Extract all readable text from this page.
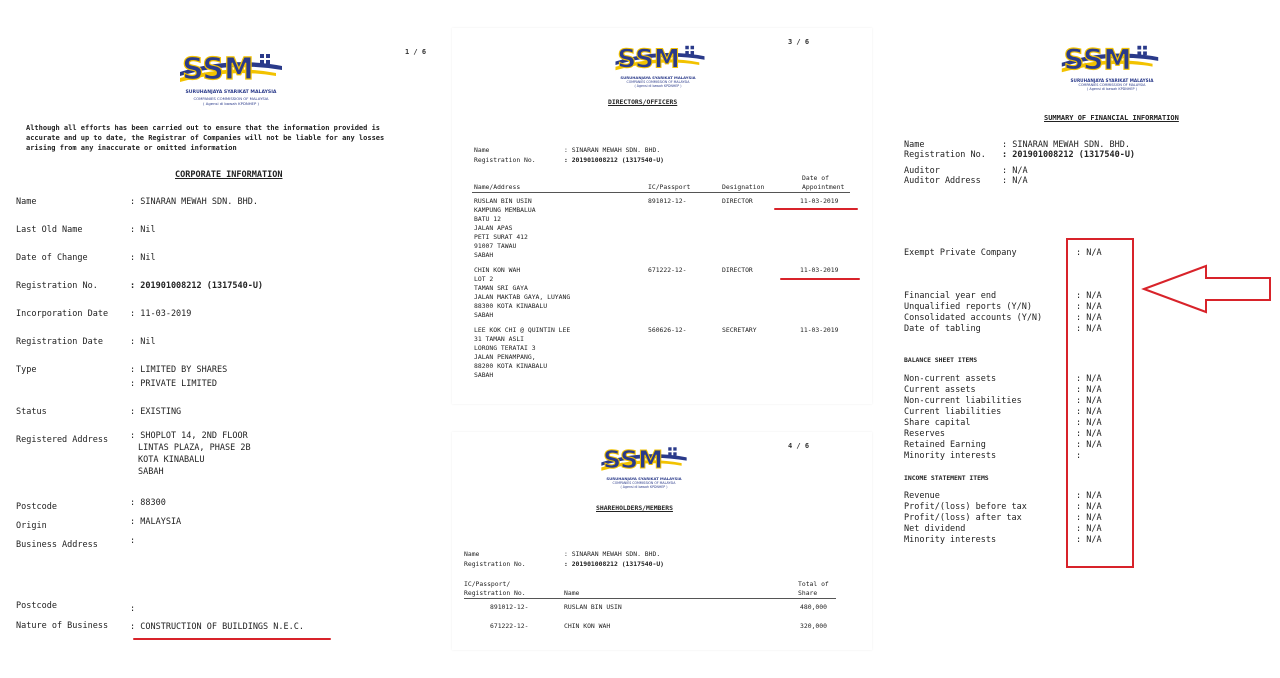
1 / 6
SURUHANJAYA SYARIKAT MALAYSIA
COMPANIES COMMISSION OF MALAYSIA
( Agensi di bawah KPDNHEP )
Although all efforts has been carried out to ensure that the information provided is
accurate and up to date, the Registrar of Companies will not be liable for any losses
arising from any inaccurate or omitted information
CORPORATE INFORMATION
Name	: SINARAN MEWAH SDN. BHD.
Last Old Name	: Nil
Date of Change	: Nil
Registration No.	: 201901008212 (1317540-U)
Incorporation Date	: 11-03-2019
Registration Date	: Nil
Type	: LIMITED BY SHARES
: PRIVATE LIMITED
Status	: EXISTING
Registered Address	: SHOPLOT 14, 2ND FLOOR
LINTAS PLAZA, PHASE 2B
KOTA KINABALU
SABAH
Postcode	: 88300
Origin	: MALAYSIA
Business Address	:
Postcode	:
Nature of Business	: CONSTRUCTION OF BUILDINGS N.E.C.
3 / 6
SURUHANJAYA SYARIKAT MALAYSIA
COMPANIES COMMISSION OF MALAYSIA
( Agensi di bawah KPDNHEP )
DIRECTORS/OFFICERS
Name	: SINARAN MEWAH SDN. BHD.
Registration No.	: 201901008212 (1317540-U)
Name/Address	IC/Passport	Designation
Date of
Appointment
RUSLAN BIN USIN
KAMPUNG MEMBALUA
BATU 12
JALAN APAS
PETI SURAT 412
91007 TAWAU
SABAH
891012-12-	DIRECTOR	11-03-2019
CHIN KON WAH
LOT 2
TAMAN SRI GAYA
JALAN MAKTAB GAYA, LUYANG
88300 KOTA KINABALU
SABAH
671222-12-	DIRECTOR	11-03-2019
LEE KOK CHI @ QUINTIN LEE
31 TAMAN ASLI
LORONG TERATAI 3
JALAN PENAMPANG,
88200 KOTA KINABALU
SABAH
560626-12-	SECRETARY	11-03-2019
4 / 6
SURUHANJAYA SYARIKAT MALAYSIA
COMPANIES COMMISSION OF MALAYSIA
( Agensi di bawah KPDNHEP )
SHAREHOLDERS/MEMBERS
Name	: SINARAN MEWAH SDN. BHD.
Registration No.	: 201901008212 (1317540-U)
IC/Passport/
Registration No.	Name
Total of
Share
891012-12-	RUSLAN BIN USIN	480,000
671222-12-	CHIN KON WAH	320,000
SURUHANJAYA SYARIKAT MALAYSIA
COMPANIES COMMISSION OF MALAYSIA
( Agensi di bawah KPDNHEP )
SUMMARY OF FINANCIAL INFORMATION
Name	: SINARAN MEWAH SDN. BHD.
Registration No. : 201901008212 (1317540-U)
Auditor	: N/A
Auditor Address : N/A
Exempt Private Company	: N/A
Financial year end	: N/A
Unqualified reports (Y/N)	: N/A
Consolidated accounts (Y/N)	: N/A
Date of tabling	: N/A
BALANCE SHEET ITEMS
Non-current assets	: N/A
Current assets	: N/A
Non-current liabilities	: N/A
Current liabilities	: N/A
Share capital	: N/A
Reserves	: N/A
Retained Earning	: N/A
Minority interests	:
INCOME STATEMENT ITEMS
Revenue	: N/A
Profit/(loss) before tax	: N/A
Profit/(loss) after tax	: N/A
Net dividend	: N/A
Minority interests	: N/A
